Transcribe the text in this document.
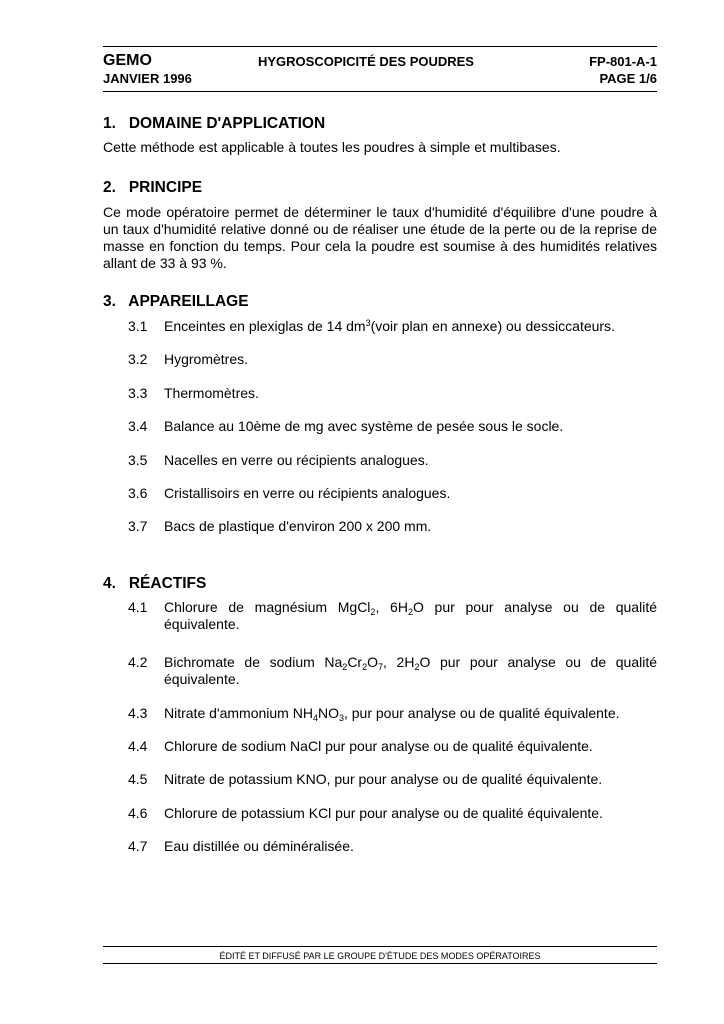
GEMO	HYGROSCOPICITÉ DES POUDRES	FP-801-A-1
JANVIER 1996	PAGE 1/6
1.   DOMAINE D'APPLICATION
Cette méthode est applicable à toutes les poudres à simple et multibases.
2.   PRINCIPE
Ce mode opératoire permet de déterminer le taux d'humidité d'équilibre d'une poudre à un taux d'humidité relative donné ou de réaliser une étude de la perte ou de la reprise de masse en fonction du temps. Pour cela la poudre est soumise à des humidités relatives allant de 33 à 93 %.
3.   APPAREILLAGE
3.1 Enceintes en plexiglas de 14 $dm^3(voir$ plan en annexe) ou dessiccateurs.
3.2 Hygromètres.
3.3 Thermomètres.
3.4 Balance au 10ème de mg avec système de pesée sous le socle.
3.5 Nacelles en verre ou récipients analogues.
3.6 Cristallisoirs en verre ou récipients analogues.
3.7 Bacs de plastique d'environ 200 x 200 mm.
4.   RÉACTIFS
4.1 Chlorure de magnésium MgCl$_2$, $6H_2O$ pur pour analyse ou de qualité équivalente.
4.2 Bichromate de sodium $Na_2Cr_2O_7$, $2H_2O$ pur pour analyse ou de qualité équivalente.
4.3 Nitrate d'ammonium $NH_4NO_3$, pur pour analyse ou de qualité équivalente.
4.4 Chlorure de sodium NaCl pur pour analyse ou de qualité équivalente.
4.5 Nitrate de potassium KNO, pur pour analyse ou de qualité équivalente.
4.6 Chlorure de potassium KCl pur pour analyse ou de qualité équivalente.
4.7 Eau distillée ou déminéralisée.
ÉDITÉ ET DIFFUSÉ PAR LE GROUPE D'ÉTUDE DES MODES OPÉRATOIRES
